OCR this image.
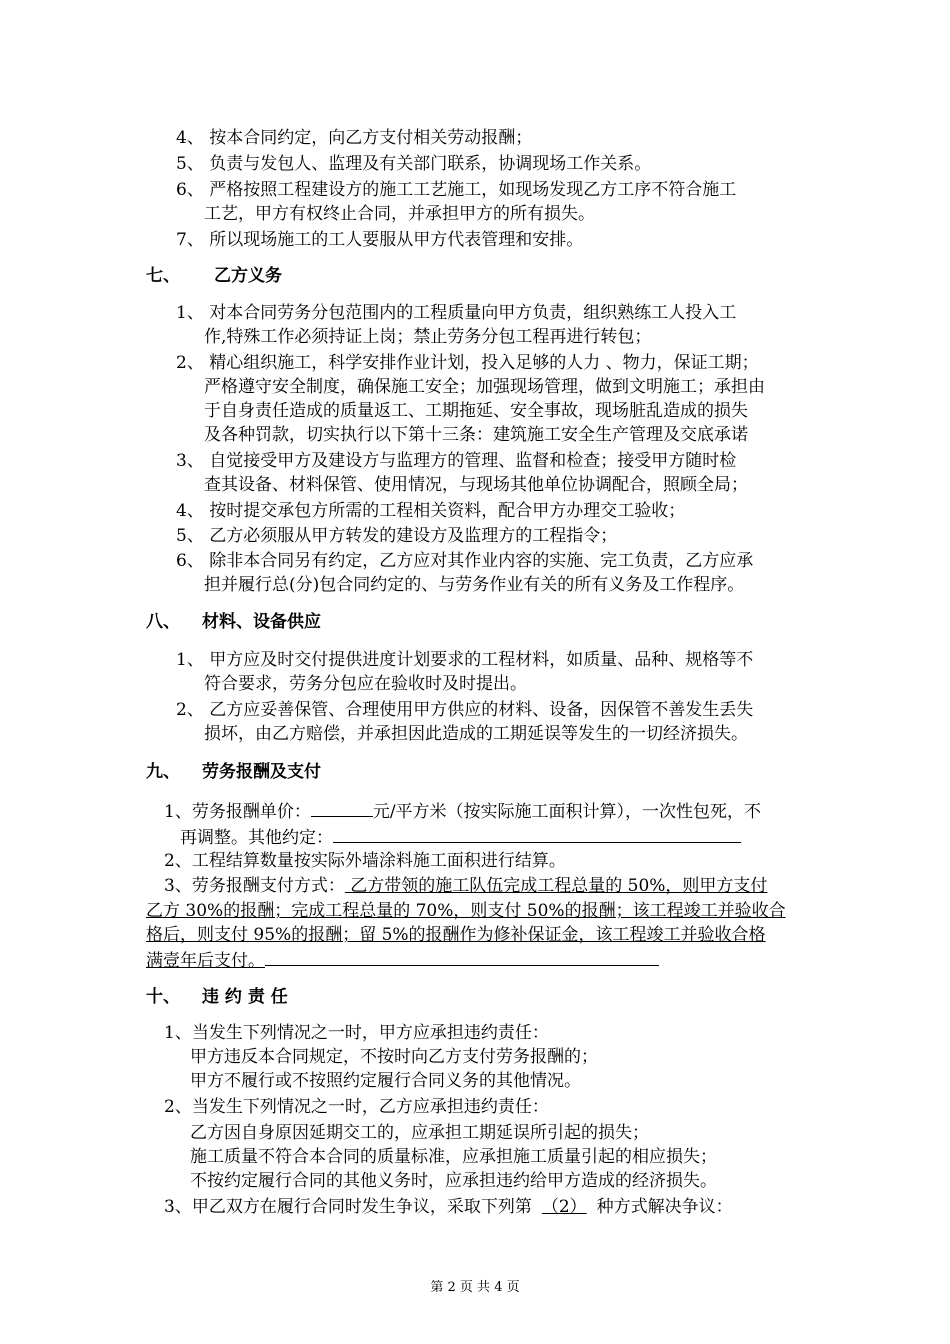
4、 按本合同约定，向乙方支付相关劳动报酬；
5、 负责与发包人、监理及有关部门联系，协调现场工作关系。
6、 严格按照工程建设方的施工工艺施工，如现场发现乙方工序不符合施工
工艺，甲方有权终止合同，并承担甲方的所有损失。
7、 所以现场施工的工人要服从甲方代表管理和安排。
七、 乙方义务
1、 对本合同劳务分包范围内的工程质量向甲方负责，组织熟练工人投入工
作,特殊工作必须持证上岗；禁止劳务分包工程再进行转包；
2、 精心组织施工，科学安排作业计划，投入足够的人力 、物力，保证工期；
严格遵守安全制度，确保施工安全；加强现场管理，做到文明施工；承担由
于自身责任造成的质量返工、工期拖延、安全事故，现场脏乱造成的损失
及各种罚款，切实执行以下第十三条：建筑施工安全生产管理及交底承诺
3、 自觉接受甲方及建设方与监理方的管理、监督和检查；接受甲方随时检
查其设备、材料保管、使用情况，与现场其他单位协调配合，照顾全局；
4、 按时提交承包方所需的工程相关资料，配合甲方办理交工验收；
5、 乙方必须服从甲方转发的建设方及监理方的工程指令；
6、 除非本合同另有约定，乙方应对其作业内容的实施、完工负责，乙方应承
担并履行总(分)包合同约定的、与劳务作业有关的所有义务及工作程序。
八、 材料、设备供应
1、 甲方应及时交付提供进度计划要求的工程材料，如质量、品种、规格等不
符合要求，劳务分包应在验收时及时提出。
2、 乙方应妥善保管、合理使用甲方供应的材料、设备，因保管不善发生丢失
损坏，由乙方赔偿，并承担因此造成的工期延误等发生的一切经济损失。
九、 劳务报酬及支付
1、劳务报酬单价：	元/平方米（按实际施工面积计算），一次性包死，不
再调整。其他约定：
2、工程结算数量按实际外墙涂料施工面积进行结算。
3、劳务报酬支付方式： 乙方带领的施工队伍完成工程总量的 50%，则甲方支付
乙方 30%的报酬；完成工程总量的 70%，则支付 50%的报酬；该工程竣工并验收合
格后，则支付 95%的报酬；留 5%的报酬作为修补保证金，该工程竣工并验收合格
满壹年后支付。
十、 违 约 责 任
1、当发生下列情况之一时，甲方应承担违约责任：
甲方违反本合同规定，不按时向乙方支付劳务报酬的；
甲方不履行或不按照约定履行合同义务的其他情况。
2、当发生下列情况之一时，乙方应承担违约责任：
乙方因自身原因延期交工的，应承担工期延误所引起的损失；
施工质量不符合本合同的质量标准，应承担施工质量引起的相应损失；
不按约定履行合同的其他义务时，应承担违约给甲方造成的经济损失。
3、甲乙双方在履行合同时发生争议，采取下列第 （2） 种方式解决争议：
第 2 页 共 4 页
